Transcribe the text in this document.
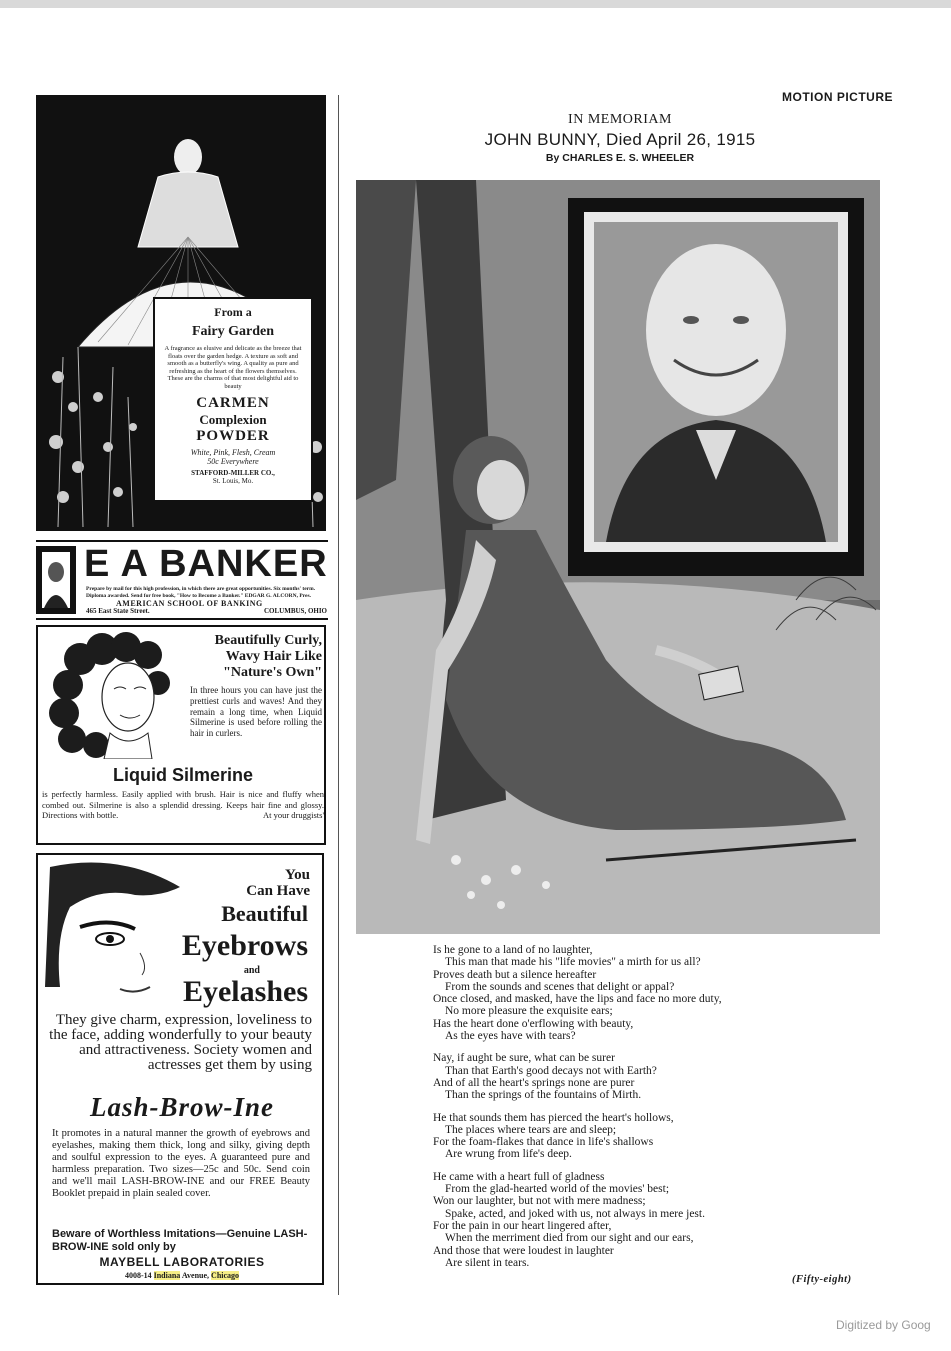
MOTION PICTURE
From a
Fairy Garden
A fragrance as elusive and delicate as the breeze that floats over the garden hedge. A texture as soft and smooth as a butterfly's wing. A quality as pure and refreshing as the heart of the flowers themselves. These are the charms of that most delightful aid to beauty
CARMEN
Complexion
POWDER
White, Pink, Flesh, Cream
50c Everywhere
STAFFORD-MILLER CO.,
St. Louis, Mo.
E A BANKER
Prepare by mail for this high profession, in which there are great opportunities. Six months' term. Diploma awarded. Send for free book, "How to Become a Banker." EDGAR G. ALCORN, Pres.
AMERICAN SCHOOL OF BANKING
465 East State Street.	COLUMBUS, OHIO
Beautifully Curly, Wavy Hair Like "Nature's Own"
In three hours you can have just the prettiest curls and waves! And they remain a long time, when Liquid Silmerine is used before rolling the hair in curlers.
Liquid Silmerine
is perfectly harmless. Easily applied with brush. Hair is nice and fluffy when combed out. Silmerine is also a splendid dressing. Keeps hair fine and glossy. Directions with bottle.	At your druggists'
You
Can Have
Beautiful
Eyebrows
and
Eyelashes
They give charm, expression, loveliness to the face, adding wonderfully to your beauty and attractiveness. Society women and actresses get them by using
Lash-Brow-Ine
It promotes in a natural manner the growth of eyebrows and eyelashes, making them thick, long and silky, giving depth and soulful expression to the eyes. A guaranteed pure and harmless preparation. Two sizes—25c and 50c. Send coin and we'll mail LASH-BROW-INE and our FREE Beauty Booklet prepaid in plain sealed cover.
Beware of Worthless Imitations—Genuine LASH-BROW-INE sold only by
MAYBELL LABORATORIES
4008-14 Indiana Avenue, Chicago
IN MEMORIAM
JOHN BUNNY, Died April 26, 1915
By CHARLES E. S. WHEELER
Is he gone to a land of no laughter,
This man that made his "life movies" a mirth for us all?
Proves death but a silence hereafter
From the sounds and scenes that delight or appal?
Once closed, and masked, have the lips and face no more duty,
No more pleasure the exquisite ears;
Has the heart done o'erflowing with beauty,
As the eyes have with tears?
Nay, if aught be sure, what can be surer
Than that Earth's good decays not with Earth?
And of all the heart's springs none are purer
Than the springs of the fountains of Mirth.
He that sounds them has pierced the heart's hollows,
The places where tears are and sleep;
For the foam-flakes that dance in life's shallows
Are wrung from life's deep.
He came with a heart full of gladness
From the glad-hearted world of the movies' best;
Won our laughter, but not with mere madness;
Spake, acted, and joked with us, not always in mere jest.
For the pain in our heart lingered after,
When the merriment died from our sight and our ears,
And those that were loudest in laughter
Are silent in tears.
(Fifty-eight)
Digitized by Goog
